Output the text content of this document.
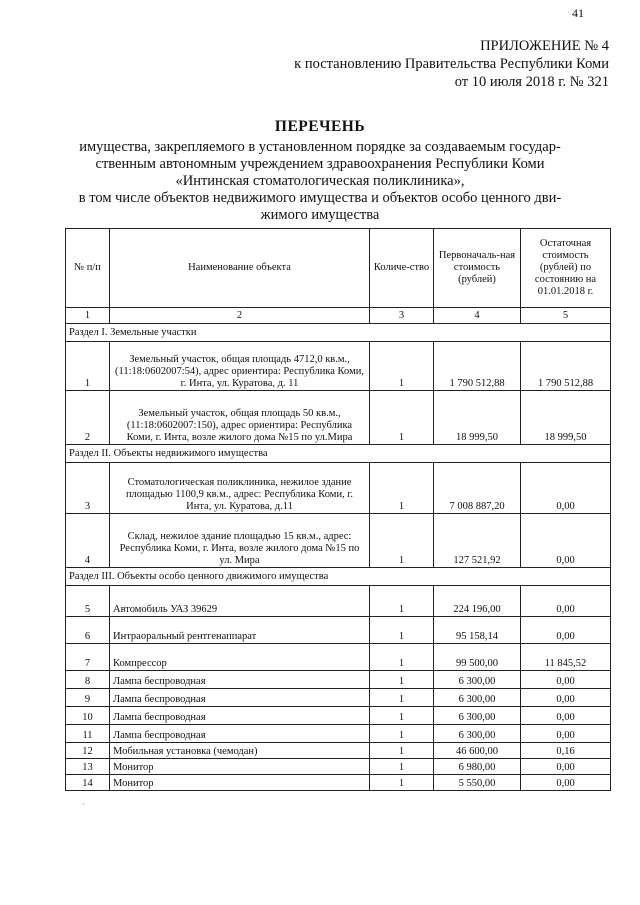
41
ПРИЛОЖЕНИЕ № 4
к постановлению Правительства Республики Коми
от 10 июля 2018 г. № 321
ПЕРЕЧЕНЬ
имущества, закрепляемого в установленном порядке за создаваемым государ-
ственным автономным учреждением здравоохранения Республики Коми
«Интинская стоматологическая поликлиника»,
в том числе объектов недвижимого имущества и объектов особо ценного дви-
жимого имущества
№ п/п	Наименование объекта	Количе-ство	Первоначаль-ная стоимость (рублей)	Остаточная стоимость (рублей) по состоянию на 01.01.2018 г.
1	2	3	4	5
Раздел I. Земельные участки				
1	Земельный участок, общая площадь 4712,0 кв.м., (11:18:0602007:54), адрес ориентира: Республика Коми, г. Инта, ул. Куратова, д. 11	1	1 790 512,88	1 790 512,88
2	Земельный участок, общая площадь 50 кв.м., (11:18:0602007:150), адрес ориентира: Республика Коми, г. Инта, возле жилого дома №15 по ул.Мира	1	18 999,50	18 999,50
Раздел II. Объекты недвижимого имущества				
3	Стоматологическая поликлиника, нежилое здание площадью 1100,9 кв.м., адрес: Республика Коми, г. Инта, ул. Куратова, д.11	1	7 008 887,20	0,00
4	Склад, нежилое здание площадью 15 кв.м., адрес: Республика Коми, г. Инта, возле жилого дома №15 по ул. Мира	1	127 521,92	0,00
Раздел III. Объекты особо ценного движимого имущества				
5	Автомобиль УАЗ 39629	1	224 196,00	0,00
6	Интраоральный рентгенаппарат	1	95 158,14	0,00
7	Компрессор	1	99 500,00	11 845,52
8	Лампа беспроводная	1	6 300,00	0,00
9	Лампа беспроводная	1	6 300,00	0,00
10	Лампа беспроводная	1	6 300,00	0,00
11	Лампа беспроводная	1	6 300,00	0,00
12	Мобильная установка (чемодан)	1	46 600,00	0,16
13	Монитор	1	6 980,00	0,00
14	Монитор	1	5 550,00	0,00
·
